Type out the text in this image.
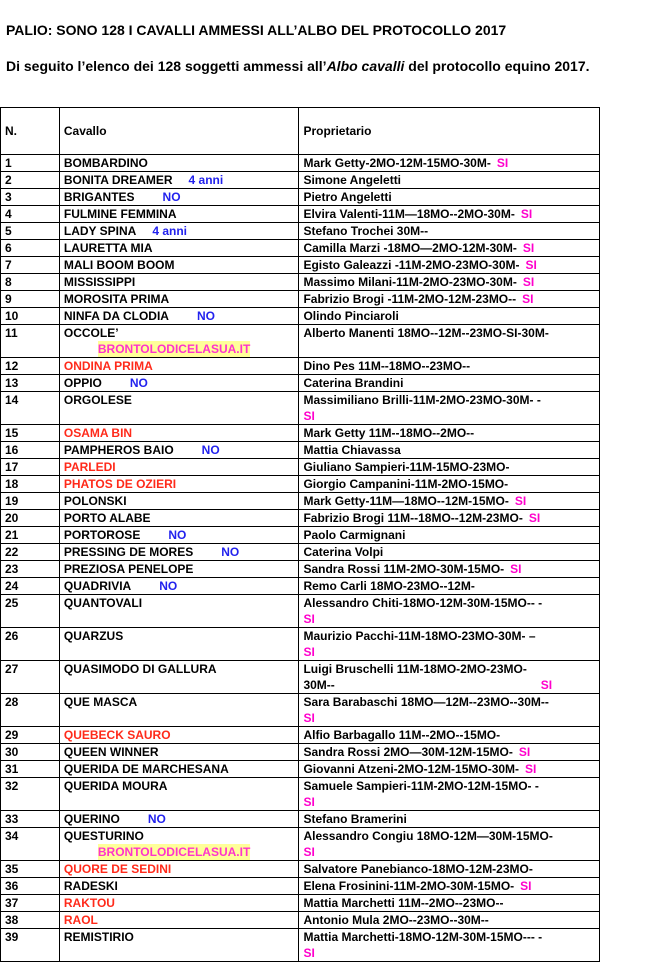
PALIO: SONO 128 I CAVALLI AMMESSI ALL’ALBO DEL PROTOCOLLO 2017
Di seguito l’elenco dei 128 soggetti ammessi all’Albo cavalli del protocollo equino 2017.
N.	Cavallo	Proprietario
1	BOMBARDINO	Mark Getty-2MO-12M-15MO-30M- SI
2	BONITA DREAMER 4 anni	Simone Angeletti
3	BRIGANTES NO	Pietro Angeletti
4	FULMINE FEMMINA	Elvira Valenti-11M—18MO--2MO-30M- SI
5	LADY SPINA 4 anni	Stefano Trochei 30M--
6	LAURETTA MIA	Camilla Marzi -18MO—2MO-12M-30M- SI
7	MALI BOOM BOOM	Egisto Galeazzi -11M-2MO-23MO-30M- SI
8	MISSISSIPPI	Massimo Milani-11M-2MO-23MO-30M- SI
9	MOROSITA PRIMA	Fabrizio Brogi -11M-2MO-12M-23MO-- SI
10	NINFA DA CLODIA NO	Olindo Pinciaroli
11	OCCOLE’
BRONTOLODICELASUA.IT	Alberto Manenti 18MO--12M--23MO-SI-30M-
12	ONDINA PRIMA	Dino Pes 11M--18MO--23MO--
13	OPPIO NO	Caterina Brandini
14	ORGOLESE	Massimiliano Brilli-11M-2MO-23MO-30M- -
SI
15	OSAMA BIN	Mark Getty 11M--18MO--2MO--
16	PAMPHEROS BAIO NO	Mattia Chiavassa
17	PARLEDI	Giuliano Sampieri-11M-15MO-23MO-
18	PHATOS DE OZIERI	Giorgio Campanini-11M-2MO-15MO-
19	POLONSKI	Mark Getty-11M—18MO--12M-15MO- SI
20	PORTO ALABE	Fabrizio Brogi 11M--18MO--12M-23MO- SI
21	PORTOROSE NO	Paolo Carmignani
22	PRESSING DE MORES NO	Caterina Volpi
23	PREZIOSA PENELOPE	Sandra Rossi 11M-2MO-30M-15MO- SI
24	QUADRIVIA NO	Remo Carli 18MO-23MO--12M-
25	QUANTOVALI	Alessandro Chiti-18MO-12M-30M-15MO-- -
SI
26	QUARZUS	Maurizio Pacchi-11M-18MO-23MO-30M- –
SI
27	QUASIMODO DI GALLURA	Luigi Bruschelli 11M-18MO-2MO-23MO-
30M-- SI
28	QUE MASCA	Sara Barabaschi 18MO—12M--23MO--30M--
SI
29	QUEBECK SAURO	Alfio Barbagallo 11M--2MO--15MO-
30	QUEEN WINNER	Sandra Rossi 2MO—30M-12M-15MO- SI
31	QUERIDA DE MARCHESANA	Giovanni Atzeni-2MO-12M-15MO-30M- SI
32	QUERIDA MOURA	Samuele Sampieri-11M-2MO-12M-15MO- -
SI
33	QUERINO NO	Stefano Bramerini
34	QUESTURINO
BRONTOLODICELASUA.IT	Alessandro Congiu 18MO-12M—30M-15MO-
SI
35	QUORE DE SEDINI	Salvatore Panebianco-18MO-12M-23MO-
36	RADESKI	Elena Frosinini-11M-2MO-30M-15MO- SI
37	RAKTOU	Mattia Marchetti 11M--2MO--23MO--
38	RAOL	Antonio Mula 2MO--23MO--30M--
39	REMISTIRIO	Mattia Marchetti-18MO-12M-30M-15MO--- -
SI
